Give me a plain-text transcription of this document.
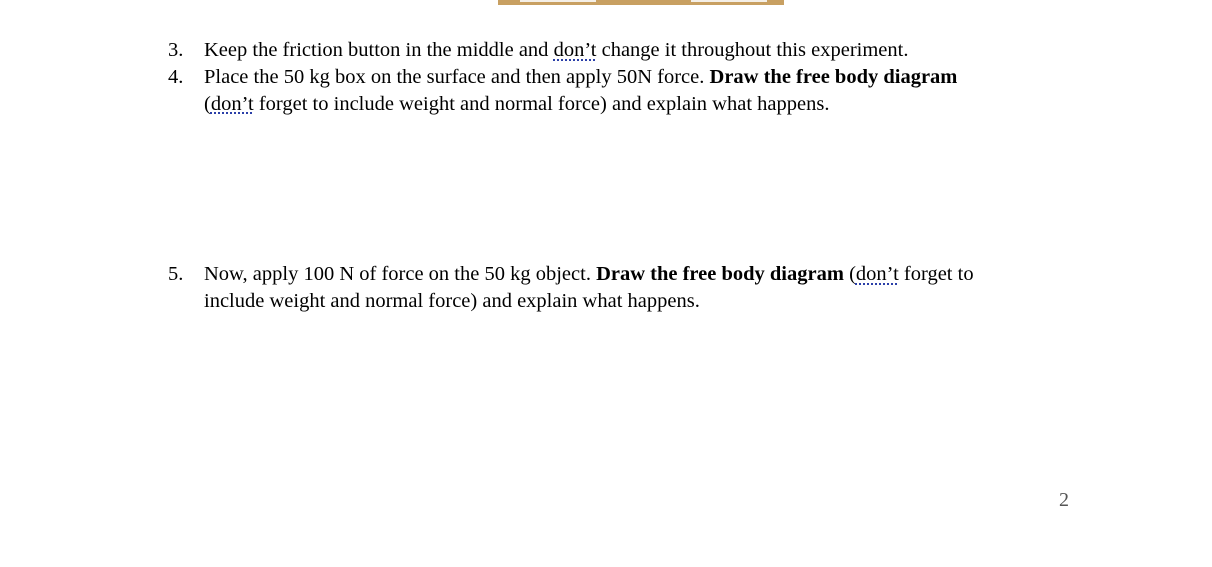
3. Keep the friction button in the middle and don’t change it throughout this experiment.
4. Place the 50 kg box on the surface and then apply 50N force. Draw the free body diagram
(don’t forget to include weight and normal force) and explain what happens.
5. Now, apply 100 N of force on the 50 kg object. Draw the free body diagram (don’t forget to
include weight and normal force) and explain what happens.
2
